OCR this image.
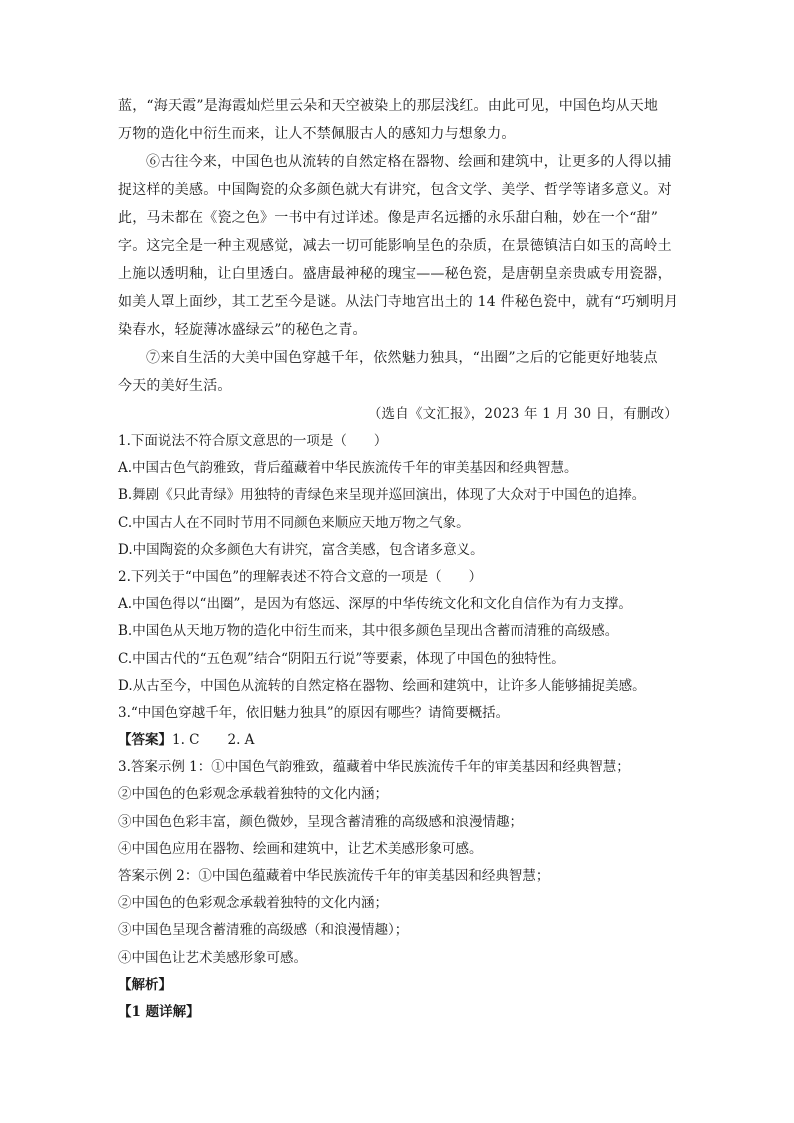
蓝，“海天霞”是海霞灿烂里云朵和天空被染上的那层浅红。由此可见，中国色均从天地
万物的造化中衍生而来，让人不禁佩服古人的感知力与想象力。
⑥古往今来，中国色也从流转的自然定格在器物、绘画和建筑中，让更多的人得以捕
捉这样的美感。中国陶瓷的众多颜色就大有讲究，包含文学、美学、哲学等诸多意义。对
此，马未都在《瓷之色》一书中有过详述。像是声名远播的永乐甜白釉，妙在一个“甜”
字。这完全是一种主观感觉，减去一切可能影响呈色的杂质，在景德镇洁白如玉的高岭土
上施以透明釉，让白里透白。盛唐最神秘的瑰宝——秘色瓷，是唐朝皇亲贵戚专用瓷器，
如美人罩上面纱，其工艺至今是谜。从法门寺地宫出土的 14 件秘色瓷中，就有“巧剜明月
染春水，轻旋薄冰盛绿云”的秘色之青。
⑦来自生活的大美中国色穿越千年，依然魅力独具，“出圈”之后的它能更好地装点
今天的美好生活。
（选自《文汇报》，2023 年 1 月 30 日，有删改）
1.下面说法不符合原文意思的一项是（　　）
A.中国古色气韵雅致，背后蕴藏着中华民族流传千年的审美基因和经典智慧。
B.舞剧《只此青绿》用独特的青绿色来呈现并巡回演出，体现了大众对于中国色的追捧。
C.中国古人在不同时节用不同颜色来顺应天地万物之气象。
D.中国陶瓷的众多颜色大有讲究，富含美感，包含诸多意义。
2.下列关于“中国色”的理解表述不符合文意的一项是（　　）
A.中国色得以“出圈”，是因为有悠远、深厚的中华传统文化和文化自信作为有力支撑。
B.中国色从天地万物的造化中衍生而来，其中很多颜色呈现出含蓄而清雅的高级感。
C.中国古代的“五色观”结合“阴阳五行说”等要素，体现了中国色的独特性。
D.从古至今，中国色从流转的自然定格在器物、绘画和建筑中，让许多人能够捕捉美感。
3.“中国色穿越千年，依旧魅力独具”的原因有哪些？请简要概括。
【答案】1. C 2. A
3.答案示例 1：①中国色气韵雅致，蕴藏着中华民族流传千年的审美基因和经典智慧；
②中国色的色彩观念承载着独特的文化内涵；
③中国色色彩丰富，颜色微妙，呈现含蓄清雅的高级感和浪漫情趣；
④中国色应用在器物、绘画和建筑中，让艺术美感形象可感。
答案示例 2：①中国色蕴藏着中华民族流传千年的审美基因和经典智慧；
②中国色的色彩观念承载着独特的文化内涵；
③中国色呈现含蓄清雅的高级感（和浪漫情趣）；
④中国色让艺术美感形象可感。
【解析】
【1 题详解】
